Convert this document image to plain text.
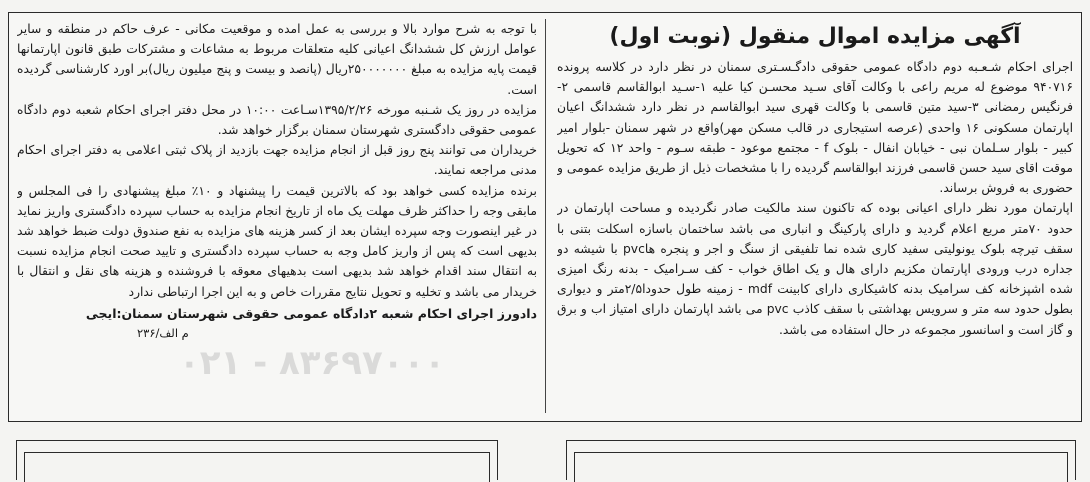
آگهی مزایده اموال منقول (نوبت اول)

اجرای احکام شـعـبه دوم دادگاه عمومی حقوقی دادگـسـتری سمنان در نظر دارد در کلاسه پرونده ۹۴۰۷۱۶ موضوع له مریم راعی با وکالت آقای سـید محسـن کیا علیه ۱-سـید ابوالقاسم قاسمی ۲-فرنگیس رمضانی ۳-سید متین قاسمی با وکالت قهری سید ابوالقاسم در نظر دارد ششدانگ اعیان اپارتمان مسکونی ۱۶ واحدی (عرصه استیجاری در قالب مسکن مهر)واقع در شهر سمنان -بلوار امیر کبیر - بلوار سـلمان نبی - خیابان انفال - بلوک f - مجتمع موعود - طبقه سـوم - واحد ۱۲ که تحویل موقت اقای سید حسن قاسمی فرزند ابوالقاسم گردیده را با مشخصات ذیل از طریق مزایده عمومی و حضوری به فروش برساند.

اپارتمان مورد نظر دارای اعیانی بوده که تاکنون سند مالکیت صادر نگردیده و مساحت اپارتمان در حدود ۷۰متر مربع اعلام گردید و دارای پارکینگ و انباری می باشد ساختمان باسازه اسکلت بتنی با سقف تیرچه بلوک یونولیتی سفید کاری شده نما تلفیقی از سنگ و اجر و پنجره هاpvc با شیشه دو جداره درب ورودی اپارتمان مکزیم دارای هال و یک اطاق خواب - کف سـرامیک - بدنه رنگ امیزی شده اشپزخانه کف سرامیک بدنه کاشیکاری دارای کابینت mdf - زمینه طول حدودا۲/۵متر و دیواری بطول حدود سه متر و سرویس بهداشتی با سقف کاذب pvc می باشد اپارتمان دارای امتیاز اب و برق و گاز است و اسانسور مجموعه در حال استفاده می باشد.

با توجه به شرح موارد بالا و بررسی به عمل امده و موقعیت مکانی - عرف حاکم در منطقه و سایر عوامل ارزش کل ششدانگ اعیانی کلیه متعلقات مربوط به مشاعات و مشترکات طبق قانون اپارتمانها قیمت پایه مزایده به مبلغ ۲۵۰۰۰۰۰۰۰ریال (پانصد و بیست و پنج میلیون ریال)بر اورد کارشناسی گردیده است.

مزایده در روز یک شـنبه مورخه ۱۳۹۵/۲/۲۶سـاعت ۱۰:۰۰ در محل دفتر اجرای احکام شعبه دوم دادگاه عمومی حقوقی دادگستری شهرستان سمنان برگزار خواهد شد.

خریداران می توانند پنج روز قبل از انجام مزایده جهت بازدید از پلاک ثبتی اعلامی به دفتر اجرای احکام مدنی مراجعه نمایند.

برنده مزایده کسی خواهد بود که بالاترین قیمت را پیشنهاد و ۱۰٪ مبلغ پیشنهادی را فی المجلس و مابقی وجه را حداکثر ظرف مهلت یک ماه از تاریخ انجام مزایده به حساب سپرده دادگستری واریز نماید در غیر اینصورت وجه سپرده ایشان بعد از کسر هزینه های مزایده به نفع صندوق دولت ضبط خواهد شد بدیهی است که پس از واریز کامل وجه به حساب سپرده دادگستری و تایید صحت انجام مزایده نسبت به انتقال سند اقدام خواهد شد بدیهی است بدهیهای معوقه با فروشنده و هزینه های نقل و انتقال با خریدار می باشد و تخلیه و تحویل نتایج مقررات خاص و به این اجرا ارتباطی ندارد

دادورز اجرای احکام شعبه ۲دادگاه عمومی حقوقی شهرستان سمنان:ایجی

م الف/۲۳۶

۰۲۱ - ۸۳۶۹۷۰۰۰
